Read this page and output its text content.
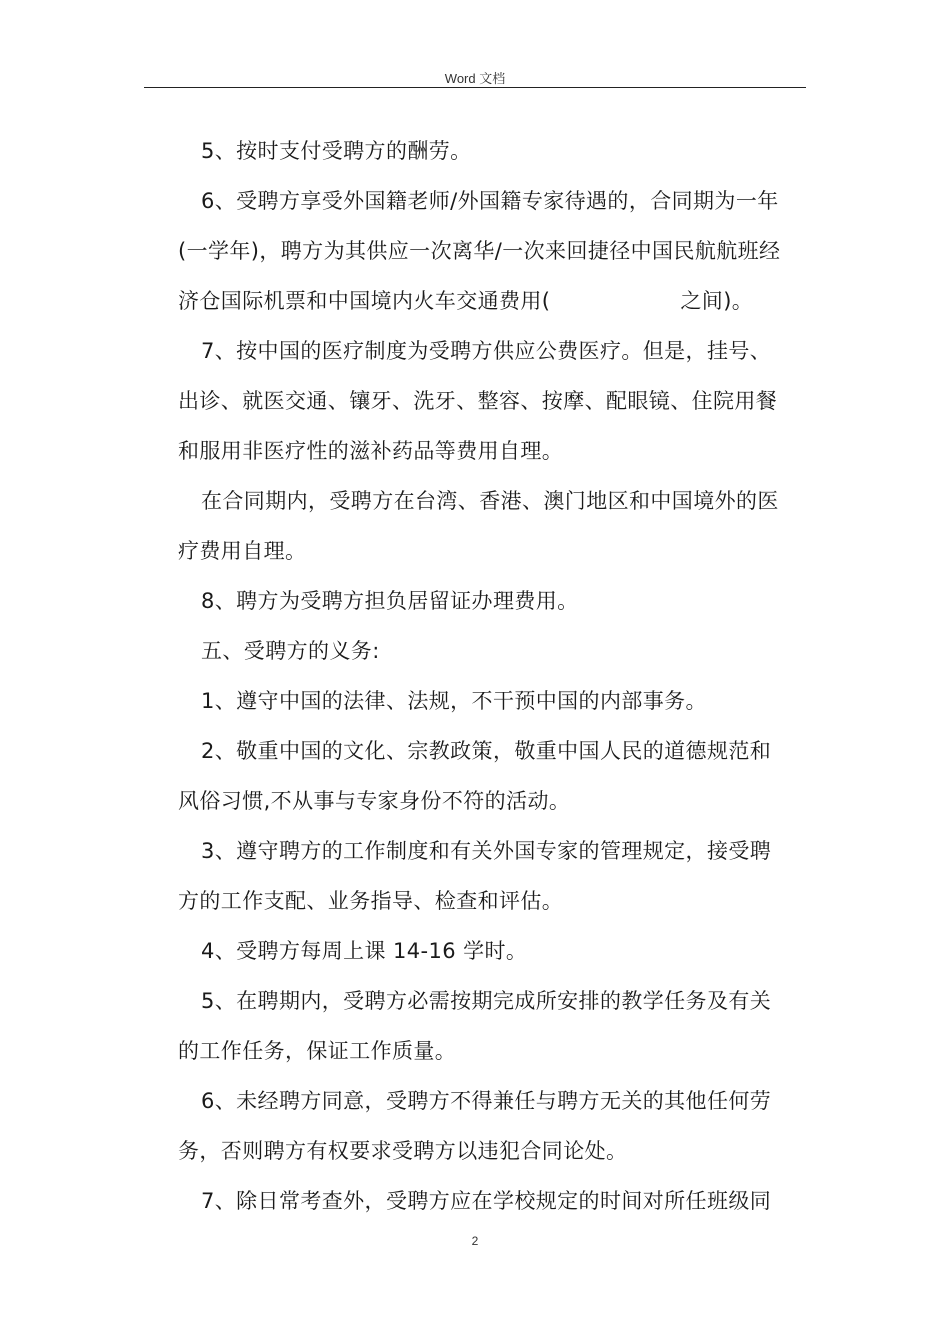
Word 文档
5、按时支付受聘方的酬劳。
6、受聘方享受外国籍老师/外国籍专家待遇的，合同期为一年
(一学年)，聘方为其供应一次离华/一次来回捷径中国民航航班经
济仓国际机票和中国境内火车交通费用(	之间)。
7、按中国的医疗制度为受聘方供应公费医疗。但是，挂号、
出诊、就医交通、镶牙、洗牙、整容、按摩、配眼镜、住院用餐
和服用非医疗性的滋补药品等费用自理。
在合同期内，受聘方在台湾、香港、澳门地区和中国境外的医
疗费用自理。
8、聘方为受聘方担负居留证办理费用。
五、受聘方的义务:
1、遵守中国的法律、法规，不干预中国的内部事务。
2、敬重中国的文化、宗教政策，敬重中国人民的道德规范和
风俗习惯,不从事与专家身份不符的活动。
3、遵守聘方的工作制度和有关外国专家的管理规定，接受聘
方的工作支配、业务指导、检查和评估。
4、受聘方每周上课 14-16 学时。
5、在聘期内，受聘方必需按期完成所安排的教学任务及有关
的工作任务，保证工作质量。
6、未经聘方同意，受聘方不得兼任与聘方无关的其他任何劳
务，否则聘方有权要求受聘方以违犯合同论处。
7、除日常考查外，受聘方应在学校规定的时间对所任班级同
2
